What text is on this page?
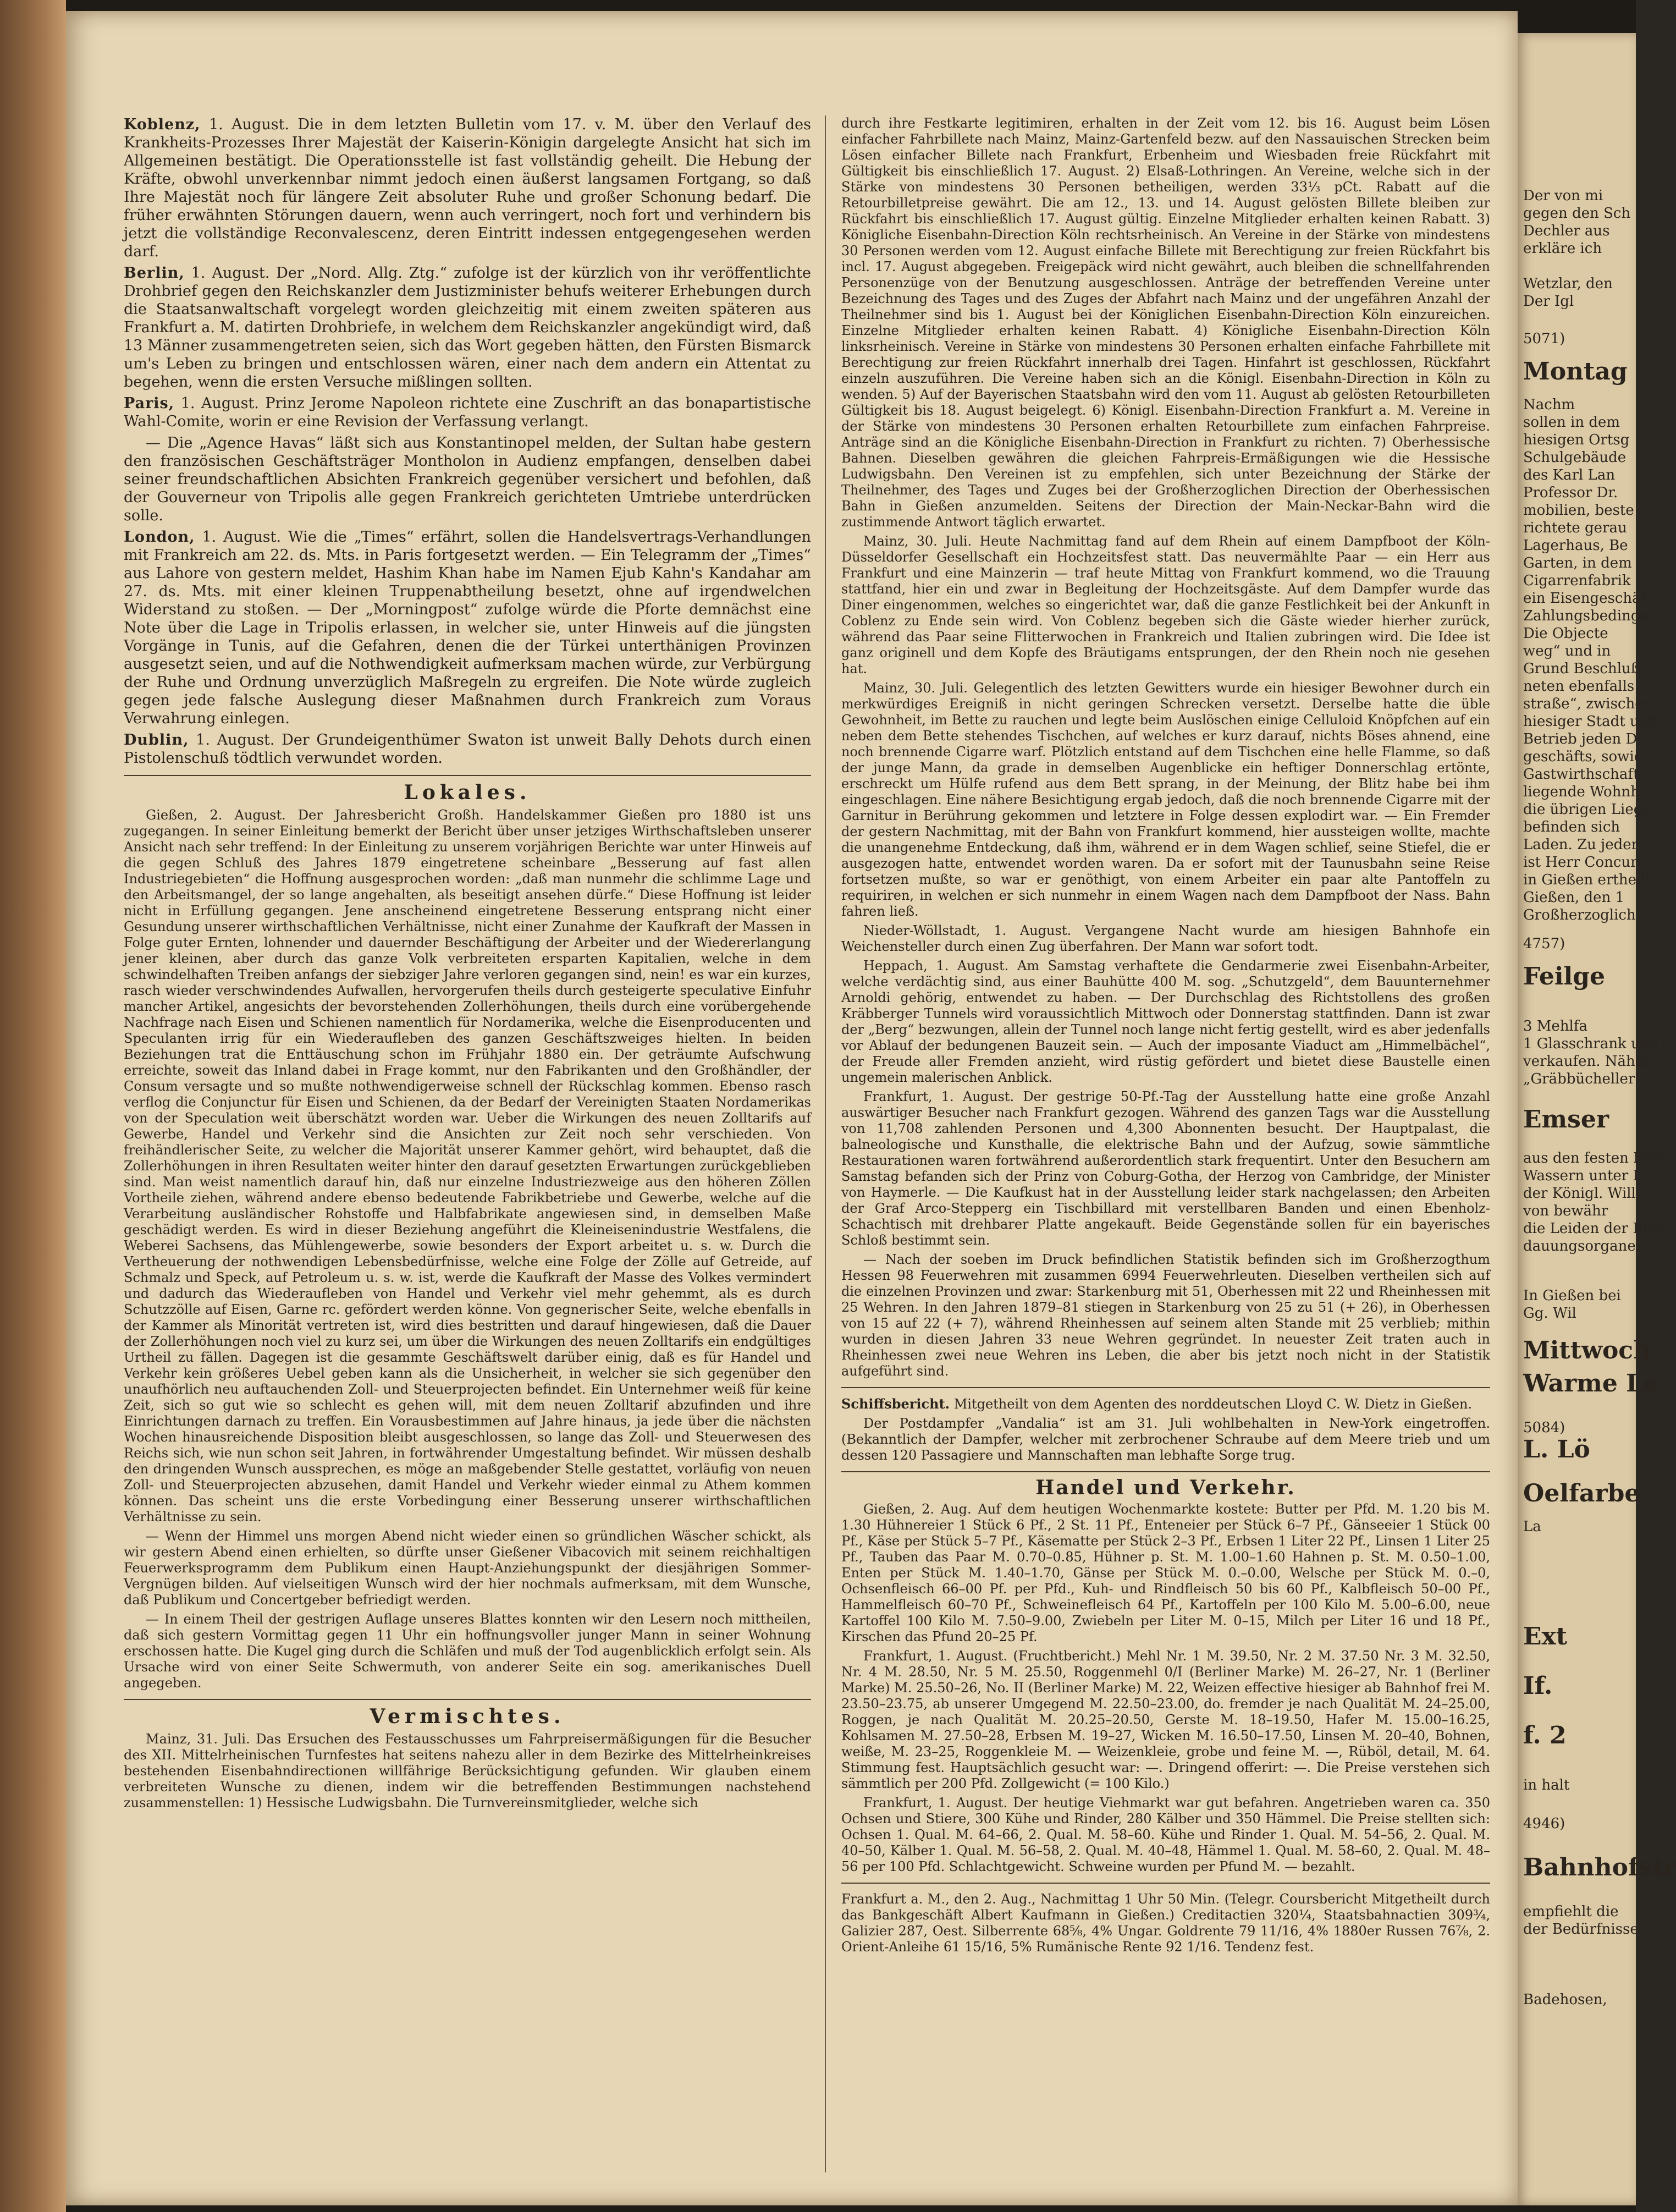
Koblenz, 1. August. Die in dem letzten Bulletin vom 17. v. M. über den Verlauf des Krankheits-Prozesses Ihrer Majestät der Kaiserin-Königin dargelegte Ansicht hat sich im Allgemeinen bestätigt. Die Operationsstelle ist fast vollständig geheilt. Die Hebung der Kräfte, obwohl unverkennbar nimmt jedoch einen äußerst langsamen Fortgang, so daß Ihre Majestät noch für längere Zeit absoluter Ruhe und großer Schonung bedarf. Die früher erwähnten Störungen dauern, wenn auch verringert, noch fort und verhindern bis jetzt die vollständige Reconvalescenz, deren Eintritt indessen entgegengesehen werden darf.

Berlin, 1. August. Der „Nord. Allg. Ztg.“ zufolge ist der kürzlich von ihr veröffentlichte Drohbrief gegen den Reichskanzler dem Justizminister behufs weiterer Erhebungen durch die Staatsanwaltschaft vorgelegt worden gleichzeitig mit einem zweiten späteren aus Frankfurt a. M. datirten Drohbriefe, in welchem dem Reichskanzler angekündigt wird, daß 13 Männer zusammengetreten seien, sich das Wort gegeben hätten, den Fürsten Bismarck um's Leben zu bringen und entschlossen wären, einer nach dem andern ein Attentat zu begehen, wenn die ersten Versuche mißlingen sollten.

Paris, 1. August. Prinz Jerome Napoleon richtete eine Zuschrift an das bonapartistische Wahl-Comite, worin er eine Revision der Verfassung verlangt.

— Die „Agence Havas“ läßt sich aus Konstantinopel melden, der Sultan habe gestern den französischen Geschäftsträger Montholon in Audienz empfangen, denselben dabei seiner freundschaftlichen Absichten Frankreich gegenüber versichert und befohlen, daß der Gouverneur von Tripolis alle gegen Frankreich gerichteten Umtriebe unterdrücken solle.

London, 1. August. Wie die „Times“ erfährt, sollen die Handelsvertrags-Verhandlungen mit Frankreich am 22. ds. Mts. in Paris fortgesetzt werden. — Ein Telegramm der „Times“ aus Lahore von gestern meldet, Hashim Khan habe im Namen Ejub Kahn's Kandahar am 27. ds. Mts. mit einer kleinen Truppenabtheilung besetzt, ohne auf irgendwelchen Widerstand zu stoßen. — Der „Morningpost“ zufolge würde die Pforte demnächst eine Note über die Lage in Tripolis erlassen, in welcher sie, unter Hinweis auf die jüngsten Vorgänge in Tunis, auf die Gefahren, denen die der Türkei unterthänigen Provinzen ausgesetzt seien, und auf die Nothwendigkeit aufmerksam machen würde, zur Verbürgung der Ruhe und Ordnung unverzüglich Maßregeln zu ergreifen. Die Note würde zugleich gegen jede falsche Auslegung dieser Maßnahmen durch Frankreich zum Voraus Verwahrung einlegen.

Dublin, 1. August. Der Grundeigenthümer Swaton ist unweit Bally Dehots durch einen Pistolenschuß tödtlich verwundet worden.

Lokales.

Gießen, 2. August. Der Jahresbericht Großh. Handelskammer Gießen pro 1880 ist uns zugegangen. In seiner Einleitung bemerkt der Bericht über unser jetziges Wirthschaftsleben unserer Ansicht nach sehr treffend: In der Einleitung zu unserem vorjährigen Berichte war unter Hinweis auf die gegen Schluß des Jahres 1879 eingetretene scheinbare „Besserung auf fast allen Industriegebieten“ die Hoffnung ausgesprochen worden: „daß man nunmehr die schlimme Lage und den Arbeitsmangel, der so lange angehalten, als beseitigt ansehen dürfe.“ Diese Hoffnung ist leider nicht in Erfüllung gegangen. Jene anscheinend eingetretene Besserung entsprang nicht einer Gesundung unserer wirthschaftlichen Verhältnisse, nicht einer Zunahme der Kaufkraft der Massen in Folge guter Ernten, lohnender und dauernder Beschäftigung der Arbeiter und der Wiedererlangung jener kleinen, aber durch das ganze Volk verbreiteten ersparten Kapitalien, welche in dem schwindelhaften Treiben anfangs der siebziger Jahre verloren gegangen sind, nein! es war ein kurzes, rasch wieder verschwindendes Aufwallen, hervorgerufen theils durch gesteigerte speculative Einfuhr mancher Artikel, angesichts der bevorstehenden Zollerhöhungen, theils durch eine vorübergehende Nachfrage nach Eisen und Schienen namentlich für Nordamerika, welche die Eisenproducenten und Speculanten irrig für ein Wiederaufleben des ganzen Geschäftszweiges hielten. In beiden Beziehungen trat die Enttäuschung schon im Frühjahr 1880 ein. Der geträumte Aufschwung erreichte, soweit das Inland dabei in Frage kommt, nur den Fabrikanten und den Großhändler, der Consum versagte und so mußte nothwendigerweise schnell der Rückschlag kommen. Ebenso rasch verflog die Conjunctur für Eisen und Schienen, da der Bedarf der Vereinigten Staaten Nordamerikas von der Speculation weit überschätzt worden war. Ueber die Wirkungen des neuen Zolltarifs auf Gewerbe, Handel und Verkehr sind die Ansichten zur Zeit noch sehr verschieden. Von freihändlerischer Seite, zu welcher die Majorität unserer Kammer gehört, wird behauptet, daß die Zollerhöhungen in ihren Resultaten weiter hinter den darauf gesetzten Erwartungen zurückgeblieben sind. Man weist namentlich darauf hin, daß nur einzelne Industriezweige aus den höheren Zöllen Vortheile ziehen, während andere ebenso bedeutende Fabrikbetriebe und Gewerbe, welche auf die Verarbeitung ausländischer Rohstoffe und Halbfabrikate angewiesen sind, in demselben Maße geschädigt werden. Es wird in dieser Beziehung angeführt die Kleineisenindustrie Westfalens, die Weberei Sachsens, das Mühlengewerbe, sowie besonders der Export arbeitet u. s. w. Durch die Vertheuerung der nothwendigen Lebensbedürfnisse, welche eine Folge der Zölle auf Getreide, auf Schmalz und Speck, auf Petroleum u. s. w. ist, werde die Kaufkraft der Masse des Volkes vermindert und dadurch das Wiederaufleben von Handel und Verkehr viel mehr gehemmt, als es durch Schutzzölle auf Eisen, Garne rc. gefördert werden könne. Von gegnerischer Seite, welche ebenfalls in der Kammer als Minorität vertreten ist, wird dies bestritten und darauf hingewiesen, daß die Dauer der Zollerhöhungen noch viel zu kurz sei, um über die Wirkungen des neuen Zolltarifs ein endgültiges Urtheil zu fällen. Dagegen ist die gesammte Geschäftswelt darüber einig, daß es für Handel und Verkehr kein größeres Uebel geben kann als die Unsicherheit, in welcher sie sich gegenüber den unaufhörlich neu auftauchenden Zoll- und Steuerprojecten befindet. Ein Unternehmer weiß für keine Zeit, sich so gut wie so schlecht es gehen will, mit dem neuen Zolltarif abzufinden und ihre Einrichtungen darnach zu treffen. Ein Vorausbestimmen auf Jahre hinaus, ja jede über die nächsten Wochen hinausreichende Disposition bleibt ausgeschlossen, so lange das Zoll- und Steuerwesen des Reichs sich, wie nun schon seit Jahren, in fortwährender Umgestaltung befindet. Wir müssen deshalb den dringenden Wunsch aussprechen, es möge an maßgebender Stelle gestattet, vorläufig von neuen Zoll- und Steuerprojecten abzusehen, damit Handel und Verkehr wieder einmal zu Athem kommen können. Das scheint uns die erste Vorbedingung einer Besserung unserer wirthschaftlichen Verhältnisse zu sein.

— Wenn der Himmel uns morgen Abend nicht wieder einen so gründlichen Wäscher schickt, als wir gestern Abend einen erhielten, so dürfte unser Gießener Vibacovich mit seinem reichhaltigen Feuerwerksprogramm dem Publikum einen Haupt-Anziehungspunkt der diesjährigen Sommer-Vergnügen bilden. Auf vielseitigen Wunsch wird der hier nochmals aufmerksam, mit dem Wunsche, daß Publikum und Concertgeber befriedigt werden.

— In einem Theil der gestrigen Auflage unseres Blattes konnten wir den Lesern noch mittheilen, daß sich gestern Vormittag gegen 11 Uhr ein hoffnungsvoller junger Mann in seiner Wohnung erschossen hatte. Die Kugel ging durch die Schläfen und muß der Tod augenblicklich erfolgt sein. Als Ursache wird von einer Seite Schwermuth, von anderer Seite ein sog. amerikanisches Duell angegeben.

Vermischtes.

Mainz, 31. Juli. Das Ersuchen des Festausschusses um Fahrpreisermäßigungen für die Besucher des XII. Mittelrheinischen Turnfestes hat seitens nahezu aller in dem Bezirke des Mittelrheinkreises bestehenden Eisenbahndirectionen willfährige Berücksichtigung gefunden. Wir glauben einem verbreiteten Wunsche zu dienen, indem wir die betreffenden Bestimmungen nachstehend zusammenstellen: 1) Hessische Ludwigsbahn. Die Turnvereinsmitglieder, welche sich

durch ihre Festkarte legitimiren, erhalten in der Zeit vom 12. bis 16. August beim Lösen einfacher Fahrbillete nach Mainz, Mainz-Gartenfeld bezw. auf den Nassauischen Strecken beim Lösen einfacher Billete nach Frankfurt, Erbenheim und Wiesbaden freie Rückfahrt mit Gültigkeit bis einschließlich 17. August. 2) Elsaß-Lothringen. An Vereine, welche sich in der Stärke von mindestens 30 Personen betheiligen, werden 33⅓ pCt. Rabatt auf die Retourbilletpreise gewährt. Die am 12., 13. und 14. August gelösten Billete bleiben zur Rückfahrt bis einschließlich 17. August gültig. Einzelne Mitglieder erhalten keinen Rabatt. 3) Königliche Eisenbahn-Direction Köln rechtsrheinisch. An Vereine in der Stärke von mindestens 30 Personen werden vom 12. August einfache Billete mit Berechtigung zur freien Rückfahrt bis incl. 17. August abgegeben. Freigepäck wird nicht gewährt, auch bleiben die schnellfahrenden Personenzüge von der Benutzung ausgeschlossen. Anträge der betreffenden Vereine unter Bezeichnung des Tages und des Zuges der Abfahrt nach Mainz und der ungefähren Anzahl der Theilnehmer sind bis 1. August bei der Königlichen Eisenbahn-Direction Köln einzureichen. Einzelne Mitglieder erhalten keinen Rabatt. 4) Königliche Eisenbahn-Direction Köln linksrheinisch. Vereine in Stärke von mindestens 30 Personen erhalten einfache Fahrbillete mit Berechtigung zur freien Rückfahrt innerhalb drei Tagen. Hinfahrt ist geschlossen, Rückfahrt einzeln auszuführen. Die Vereine haben sich an die Königl. Eisenbahn-Direction in Köln zu wenden. 5) Auf der Bayerischen Staatsbahn wird den vom 11. August ab gelösten Retourbilleten Gültigkeit bis 18. August beigelegt. 6) Königl. Eisenbahn-Direction Frankfurt a. M. Vereine in der Stärke von mindestens 30 Personen erhalten Retourbillete zum einfachen Fahrpreise. Anträge sind an die Königliche Eisenbahn-Direction in Frankfurt zu richten. 7) Oberhessische Bahnen. Dieselben gewähren die gleichen Fahrpreis-Ermäßigungen wie die Hessische Ludwigsbahn. Den Vereinen ist zu empfehlen, sich unter Bezeichnung der Stärke der Theilnehmer, des Tages und Zuges bei der Großherzoglichen Direction der Oberhessischen Bahn in Gießen anzumelden. Seitens der Direction der Main-Neckar-Bahn wird die zustimmende Antwort täglich erwartet.

Mainz, 30. Juli. Heute Nachmittag fand auf dem Rhein auf einem Dampfboot der Köln-Düsseldorfer Gesellschaft ein Hochzeitsfest statt. Das neuvermählte Paar — ein Herr aus Frankfurt und eine Mainzerin — traf heute Mittag von Frankfurt kommend, wo die Trauung stattfand, hier ein und zwar in Begleitung der Hochzeitsgäste. Auf dem Dampfer wurde das Diner eingenommen, welches so eingerichtet war, daß die ganze Festlichkeit bei der Ankunft in Coblenz zu Ende sein wird. Von Coblenz begeben sich die Gäste wieder hierher zurück, während das Paar seine Flitterwochen in Frankreich und Italien zubringen wird. Die Idee ist ganz originell und dem Kopfe des Bräutigams entsprungen, der den Rhein noch nie gesehen hat.

Mainz, 30. Juli. Gelegentlich des letzten Gewitters wurde ein hiesiger Bewohner durch ein merkwürdiges Ereigniß in nicht geringen Schrecken versetzt. Derselbe hatte die üble Gewohnheit, im Bette zu rauchen und legte beim Auslöschen einige Celluloid Knöpfchen auf ein neben dem Bette stehendes Tischchen, auf welches er kurz darauf, nichts Böses ahnend, eine noch brennende Cigarre warf. Plötzlich entstand auf dem Tischchen eine helle Flamme, so daß der junge Mann, da grade in demselben Augenblicke ein heftiger Donnerschlag ertönte, erschreckt um Hülfe rufend aus dem Bett sprang, in der Meinung, der Blitz habe bei ihm eingeschlagen. Eine nähere Besichtigung ergab jedoch, daß die noch brennende Cigarre mit der Garnitur in Berührung gekommen und letztere in Folge dessen explodirt war. — Ein Fremder der gestern Nachmittag, mit der Bahn von Frankfurt kommend, hier aussteigen wollte, machte die unangenehme Entdeckung, daß ihm, während er in dem Wagen schlief, seine Stiefel, die er ausgezogen hatte, entwendet worden waren. Da er sofort mit der Taunusbahn seine Reise fortsetzen mußte, so war er genöthigt, von einem Arbeiter ein paar alte Pantoffeln zu requiriren, in welchen er sich nunmehr in einem Wagen nach dem Dampfboot der Nass. Bahn fahren ließ.

Nieder-Wöllstadt, 1. August. Vergangene Nacht wurde am hiesigen Bahnhofe ein Weichensteller durch einen Zug überfahren. Der Mann war sofort todt.

Heppach, 1. August. Am Samstag verhaftete die Gendarmerie zwei Eisenbahn-Arbeiter, welche verdächtig sind, aus einer Bauhütte 400 M. sog. „Schutzgeld“, dem Bauunternehmer Arnoldi gehörig, entwendet zu haben. — Der Durchschlag des Richtstollens des großen Kräbberger Tunnels wird voraussichtlich Mittwoch oder Donnerstag stattfinden. Dann ist zwar der „Berg“ bezwungen, allein der Tunnel noch lange nicht fertig gestellt, wird es aber jedenfalls vor Ablauf der bedungenen Bauzeit sein. — Auch der imposante Viaduct am „Himmelbächel“, der Freude aller Fremden anzieht, wird rüstig gefördert und bietet diese Baustelle einen ungemein malerischen Anblick.

Frankfurt, 1. August. Der gestrige 50-Pf.-Tag der Ausstellung hatte eine große Anzahl auswärtiger Besucher nach Frankfurt gezogen. Während des ganzen Tags war die Ausstellung von 11,708 zahlenden Personen und 4,300 Abonnenten besucht. Der Hauptpalast, die balneologische und Kunsthalle, die elektrische Bahn und der Aufzug, sowie sämmtliche Restaurationen waren fortwährend außerordentlich stark frequentirt. Unter den Besuchern am Samstag befanden sich der Prinz von Coburg-Gotha, der Herzog von Cambridge, der Minister von Haymerle. — Die Kaufkust hat in der Ausstellung leider stark nachgelassen; den Arbeiten der Graf Arco-Stepperg ein Tischbillard mit verstellbaren Banden und einen Ebenholz-Schachtisch mit drehbarer Platte angekauft. Beide Gegenstände sollen für ein bayerisches Schloß bestimmt sein.

— Nach der soeben im Druck befindlichen Statistik befinden sich im Großherzogthum Hessen 98 Feuerwehren mit zusammen 6994 Feuerwehrleuten. Dieselben vertheilen sich auf die einzelnen Provinzen und zwar: Starkenburg mit 51, Oberhessen mit 22 und Rheinhessen mit 25 Wehren. In den Jahren 1879–81 stiegen in Starkenburg von 25 zu 51 (+ 26), in Oberhessen von 15 auf 22 (+ 7), während Rheinhessen auf seinem alten Stande mit 25 verblieb; mithin wurden in diesen Jahren 33 neue Wehren gegründet. In neuester Zeit traten auch in Rheinhessen zwei neue Wehren ins Leben, die aber bis jetzt noch nicht in der Statistik aufgeführt sind.

Schiffsbericht. Mitgetheilt von dem Agenten des norddeutschen Lloyd C. W. Dietz in Gießen.

Der Postdampfer „Vandalia“ ist am 31. Juli wohlbehalten in New-York eingetroffen. (Bekanntlich der Dampfer, welcher mit zerbrochener Schraube auf dem Meere trieb und um dessen 120 Passagiere und Mannschaften man lebhafte Sorge trug.

Handel und Verkehr.

Gießen, 2. Aug. Auf dem heutigen Wochenmarkte kostete: Butter per Pfd. M. 1.20 bis M. 1.30 Hühnereier 1 Stück 6 Pf., 2 St. 11 Pf., Enteneier per Stück 6–7 Pf., Gänseeier 1 Stück 00 Pf., Käse per Stück 5–7 Pf., Käsematte per Stück 2–3 Pf., Erbsen 1 Liter 22 Pf., Linsen 1 Liter 25 Pf., Tauben das Paar M. 0.70–0.85, Hühner p. St. M. 1.00–1.60 Hahnen p. St. M. 0.50–1.00, Enten per Stück M. 1.40–1.70, Gänse per Stück M. 0.–0.00, Welsche per Stück M. 0.–0, Ochsenfleisch 66–00 Pf. per Pfd., Kuh- und Rindfleisch 50 bis 60 Pf., Kalbfleisch 50–00 Pf., Hammelfleisch 60–70 Pf., Schweinefleisch 64 Pf., Kartoffeln per 100 Kilo M. 5.00–6.00, neue Kartoffel 100 Kilo M. 7.50–9.00, Zwiebeln per Liter M. 0–15, Milch per Liter 16 und 18 Pf., Kirschen das Pfund 20–25 Pf.

Frankfurt, 1. August. (Fruchtbericht.) Mehl Nr. 1 M. 39.50, Nr. 2 M. 37.50 Nr. 3 M. 32.50, Nr. 4 M. 28.50, Nr. 5 M. 25.50, Roggenmehl 0/I (Berliner Marke) M. 26–27, Nr. 1 (Berliner Marke) M. 25.50–26, No. II (Berliner Marke) M. 22, Weizen effective hiesiger ab Bahnhof frei M. 23.50–23.75, ab unserer Umgegend M. 22.50–23.00, do. fremder je nach Qualität M. 24–25.00, Roggen, je nach Qualität M. 20.25–20.50, Gerste M. 18–19.50, Hafer M. 15.00–16.25, Kohlsamen M. 27.50–28, Erbsen M. 19–27, Wicken M. 16.50–17.50, Linsen M. 20–40, Bohnen, weiße, M. 23–25, Roggenkleie M. — Weizenkleie, grobe und feine M. —, Rüböl, detail, M. 64. Stimmung fest. Hauptsächlich gesucht war: —. Dringend offerirt: —. Die Preise verstehen sich sämmtlich per 200 Pfd. Zollgewicht (= 100 Kilo.)

Frankfurt, 1. August. Der heutige Viehmarkt war gut befahren. Angetrieben waren ca. 350 Ochsen und Stiere, 300 Kühe und Rinder, 280 Kälber und 350 Hämmel. Die Preise stellten sich: Ochsen 1. Qual. M. 64–66, 2. Qual. M. 58–60. Kühe und Rinder 1. Qual. M. 54–56, 2. Qual. M. 40–50, Kälber 1. Qual. M. 56–58, 2. Qual. M. 40–48, Hämmel 1. Qual. M. 58–60, 2. Qual. M. 48–56 per 100 Pfd. Schlachtgewicht. Schweine wurden per Pfund M. — bezahlt.

Frankfurt a. M., den 2. Aug., Nachmittag 1 Uhr 50 Min. (Telegr. Coursbericht Mitgetheilt durch das Bankgeschäft Albert Kaufmann in Gießen.) Creditactien 320¼, Staatsbahnactien 309¾, Galizier 287, Oest. Silberrente 68⅝, 4% Ungar. Goldrente 79 11/16, 4% 1880er Russen 76⅞, 2. Orient-Anleihe 61 15/16, 5% Rumänische Rente 92 1/16. Tendenz fest.

Der von mi
gegen den Sch
Dechler aus
erkläre ich
Wetzlar, den
Der Igl
5071)
Montag
Nachm
sollen in dem
hiesigen Ortsg
Schulgebäude
des Karl Lan
Professor Dr.
mobilien, beste
richtete gerau
Lagerhaus, Be
Garten, in dem
Cigarrenfabrik
ein Eisengeschäf
Zahlungsbedingu
Die Objecte
weg“ und in
Grund Beschluß
neten ebenfalls
straße“, zwischen
hiesiger Stadt und
Betrieb jeden D
geschäfts, sowie
Gastwirthschaft.
liegende Wohnh
die übrigen Liege
befinden sich
Laden. Zu jeder
ist Herr Concurs
in Gießen ertheilt
Gießen, den 1
Großherzoglich
4757)
Feilge
3 Mehlfa
1 Glasschrank und
verkaufen. Näher
„Gräbbücheller“.
Emser
aus den festen Best
Wassern unter Leit
der Königl. Will
von bewähr
die Leiden der Resp
dauungsorgane,
In Gießen bei
Gg. Wil
Mittwoch
Warme Le
5084)
L. Lö
Oelfarbe
La
Ext
If.
f. 2
in halt
4946)
Bahnhofstr
empfiehlt die
der Bedürfnisse
Badehosen,
